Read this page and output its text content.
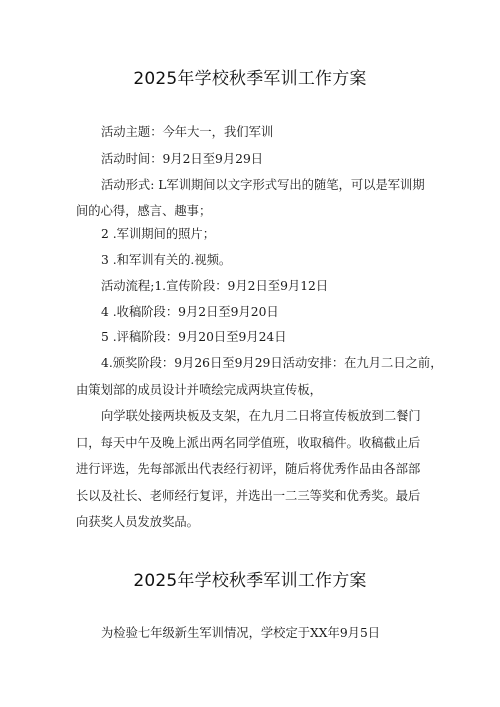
2025年学校秋季军训工作方案
活动主题：今年大一，我们军训
活动时间：9月2日至9月29日
活动形式: L军训期间以文字形式写出的随笔，可以是军训期
间的心得，感言、趣事；
2 .军训期间的照片；
3 .和军训有关的.视频。
活动流程;1.宣传阶段：9月2日至9月12日
4 .收稿阶段：9月2日至9月20日
5 .评稿阶段：9月20日至9月24日
4.颁奖阶段：9月26日至9月29日活动安排：在九月二日之前，
由策划部的成员设计并喷绘完成两块宣传板，
向学联处接两块板及支架，在九月二日将宣传板放到二餐门
口，每天中午及晚上派出两名同学值班，收取稿件。收稿截止后
进行评选，先每部派出代表经行初评，随后将优秀作品由各部部
长以及社长、老师经行复评，并选出一二三等奖和优秀奖。最后
向获奖人员发放奖品。
2025年学校秋季军训工作方案
为检验七年级新生军训情况，学校定于XX年9月5日
